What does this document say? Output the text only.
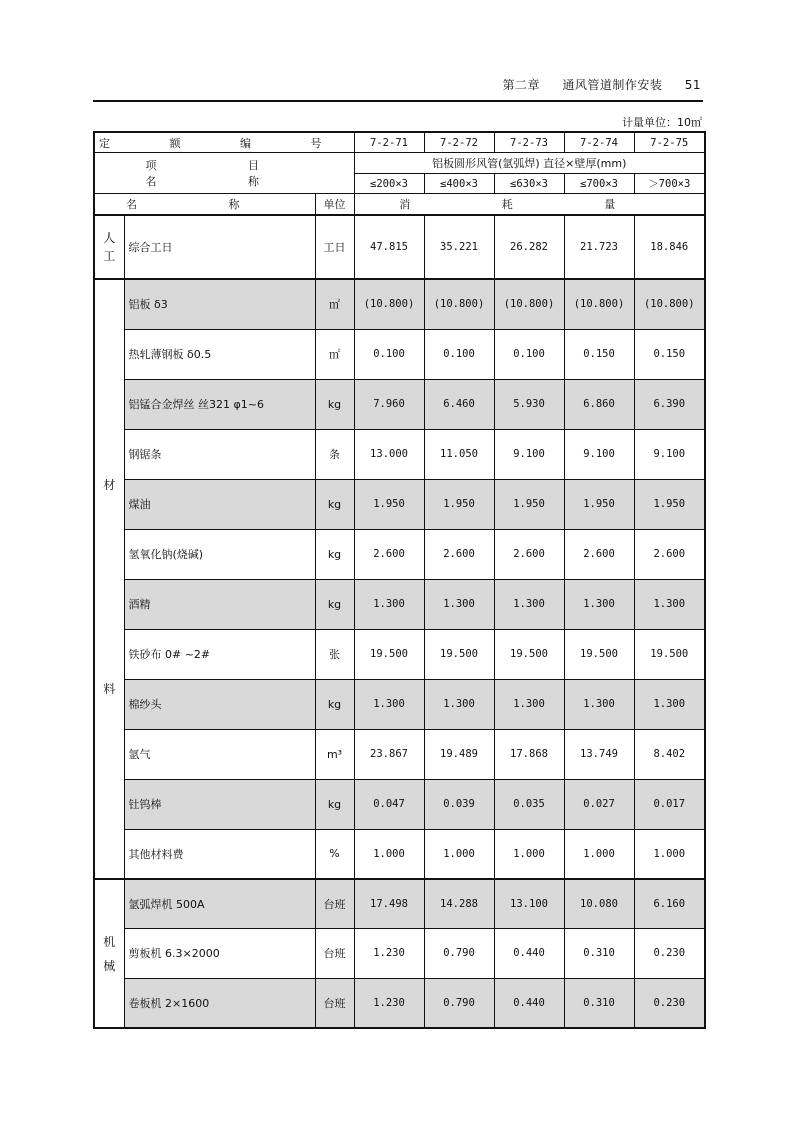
第二章 通风管道制作安装 51
计量单位：10㎡
定 额 编 号			7-2-71	7-2-72	7-2-73	7-2-74	7-2-75
项 目 名 称			铝板圆形风管(氩弧焊) 直径×壁厚(mm)				
			≤200×3	≤400×3	≤630×3	≤700×3	＞700×3
名 称		单位	消 耗 量				

人
工	综合工日	工日	47.815	35.221	26.282	21.723	18.846

材
料	铝板 δ3	㎡	(10.800)	(10.800)	(10.800)	(10.800)	(10.800)
	热轧薄钢板 δ0.5	㎡	0.100	0.100	0.100	0.150	0.150
	铝锰合金焊丝 丝321 φ1~6	kg	7.960	6.460	5.930	6.860	6.390
	钢锯条	条	13.000	11.050	9.100	9.100	9.100
	煤油	kg	1.950	1.950	1.950	1.950	1.950
	氢氧化钠(烧碱)	kg	2.600	2.600	2.600	2.600	2.600
	酒精	kg	1.300	1.300	1.300	1.300	1.300
	铁砂布 0# ~2#	张	19.500	19.500	19.500	19.500	19.500
	棉纱头	kg	1.300	1.300	1.300	1.300	1.300
	氩气	m³	23.867	19.489	17.868	13.749	8.402
	钍钨棒	kg	0.047	0.039	0.035	0.027	0.017
	其他材料费	%	1.000	1.000	1.000	1.000	1.000

机
械	氩弧焊机 500A	台班	17.498	14.288	13.100	10.080	6.160
	剪板机 6.3×2000	台班	1.230	0.790	0.440	0.310	0.230
	卷板机 2×1600	台班	1.230	0.790	0.440	0.310	0.230
